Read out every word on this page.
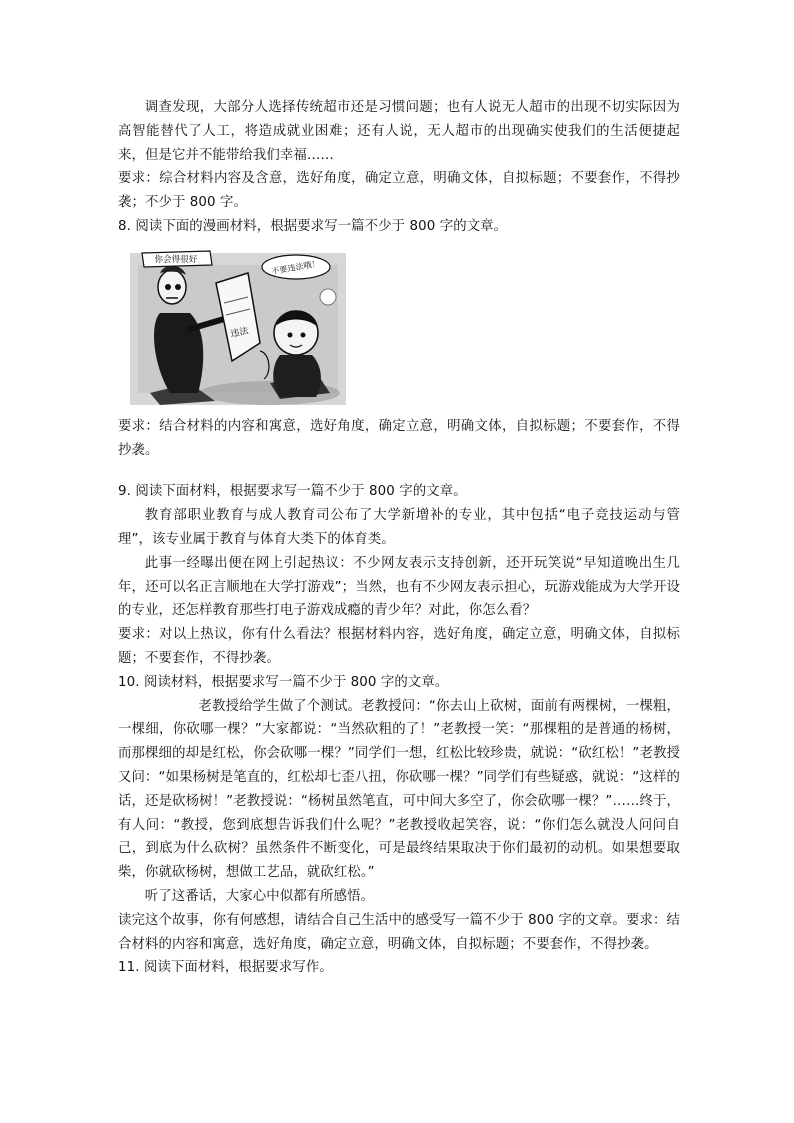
调查发现，大部分人选择传统超市还是习惯问题；也有人说无人超市的出现不切实际因为高智能替代了人工，将造成就业困难；还有人说，无人超市的出现确实使我们的生活便捷起来，但是它并不能带给我们幸福……

要求：综合材料内容及含意，选好角度，确定立意，明确文体，自拟标题；不要套作，不得抄袭；不少于 800 字。

8. 阅读下面的漫画材料，根据要求写一篇不少于 800 字的文章。

你会得很好
违法
不要违法哦！

要求：结合材料的内容和寓意，选好角度，确定立意，明确文体，自拟标题；不要套作，不得抄袭。

9. 阅读下面材料，根据要求写一篇不少于 800 字的文章。

教育部职业教育与成人教育司公布了大学新增补的专业，其中包括“电子竞技运动与管理”，该专业属于教育与体育大类下的体育类。

此事一经曝出便在网上引起热议：不少网友表示支持创新，还开玩笑说“早知道晚出生几年，还可以名正言顺地在大学打游戏”；当然，也有不少网友表示担心，玩游戏能成为大学开设的专业，还怎样教育那些打电子游戏成瘾的青少年？对此，你怎么看？

要求：对以上热议，你有什么看法？根据材料内容，选好角度，确定立意，明确文体，自拟标题；不要套作，不得抄袭。

10. 阅读材料，根据要求写一篇不少于 800 字的文章。

老教授给学生做了个测试。老教授问：“你去山上砍树，面前有两棵树，一棵粗，一棵细，你砍哪一棵？”大家都说：“当然砍粗的了！”老教授一笑：“那棵粗的是普通的杨树，而那棵细的却是红松，你会砍哪一棵？”同学们一想，红松比较珍贵，就说：“砍红松！”老教授又问：“如果杨树是笔直的，红松却七歪八扭，你砍哪一棵？”同学们有些疑惑，就说：“这样的话，还是砍杨树！”老教授说：“杨树虽然笔直，可中间大多空了，你会砍哪一棵？”……终于，有人问：“教授，您到底想告诉我们什么呢？”老教授收起笑容，说：“你们怎么就没人问问自己，到底为什么砍树？虽然条件不断变化，可是最终结果取决于你们最初的动机。如果想要取柴，你就砍杨树，想做工艺品，就砍红松。”

听了这番话，大家心中似都有所感悟。

读完这个故事，你有何感想，请结合自己生活中的感受写一篇不少于 800 字的文章。要求：结合材料的内容和寓意，选好角度，确定立意，明确文体，自拟标题；不要套作，不得抄袭。

11. 阅读下面材料，根据要求写作。
